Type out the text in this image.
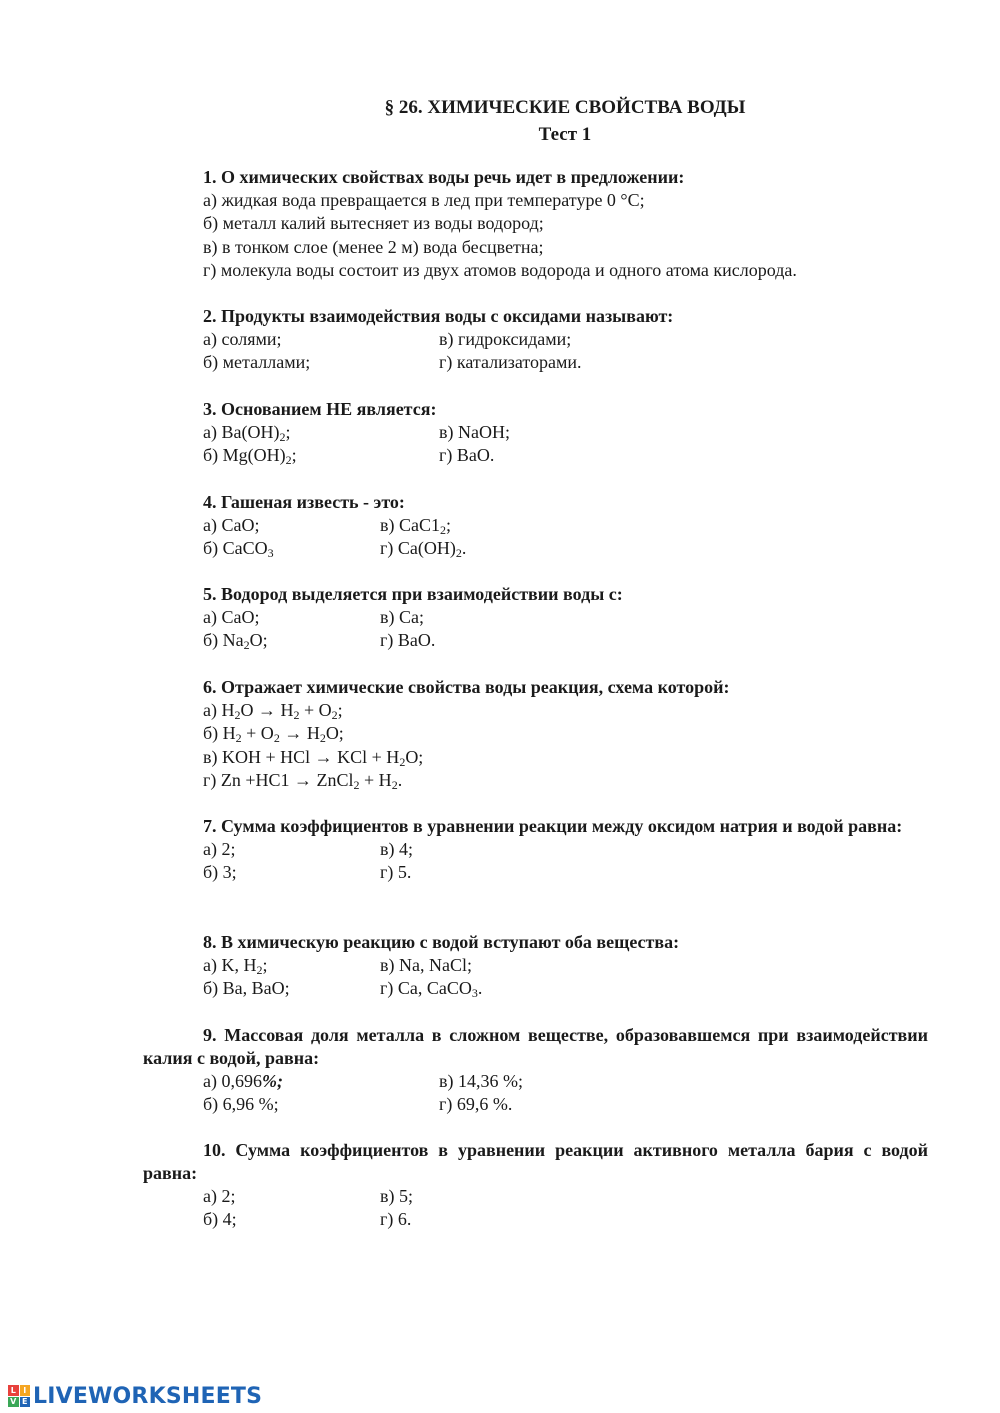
§ 26. ХИМИЧЕСКИЕ СВОЙСТВА ВОДЫ
Тест 1
1. О химических свойствах воды речь идет в предложении:
а) жидкая вода превращается в лед при температуре 0 °С;
б) металл калий вытесняет из воды водород;
в) в тонком слое (менее 2 м) вода бесцветна;
г) молекула воды состоит из двух атомов водорода и одного атома кислорода.
2. Продукты взаимодействия воды с оксидами называют:
а) солями;	в) гидроксидами;
б) металлами;	г) катализаторами.
3. Основанием НЕ является:
а) $Ba(OH)_2$;	в) NaOH;
б) $Mg(OH)_2$;	г) BaO.
4. Гашеная известь - это:
а) CaO;	в) $CaC1_2$;
б) CaCO$_3$	г) $Ca(OH)_2$.
5. Водород выделяется при взаимодействии воды с:
а) CaO;	в) Ca;
б) $Na_2O$;	г) BaO.
6. Отражает химические свойства воды реакция, схема которой:
а) $H_2O \to H_2 + O_2$;
б) $H_2 + O_2 \to H_2O$;
в) KOH + HCl → KCl + $H_2O$;
г) Zn +HC1 → ZnCl$_2$ + $H_2$.
7. Сумма коэффициентов в уравнении реакции между оксидом натрия и водой равна:
а) 2;	в) 4;
б) 3;	г) 5.
8. В химическую реакцию с водой вступают оба вещества:
а) K, $H_2$;	в) Na, NaCl;
б) Ba, BaO;	г) Ca, CaCO$_3$.
9. Массовая доля металла в сложном веществе, образовавшемся при взаимодействии калия с водой, равна:
а) 0,696 %;	в) 14,36 %;
б) 6,96 %;	г) 69,6 %.
10. Сумма коэффициентов в уравнении реакции активного металла бария с водой равна:
а) 2;	в) 5;
б) 4;	г) 6.
L I
V E LIVEWORKSHEETS
